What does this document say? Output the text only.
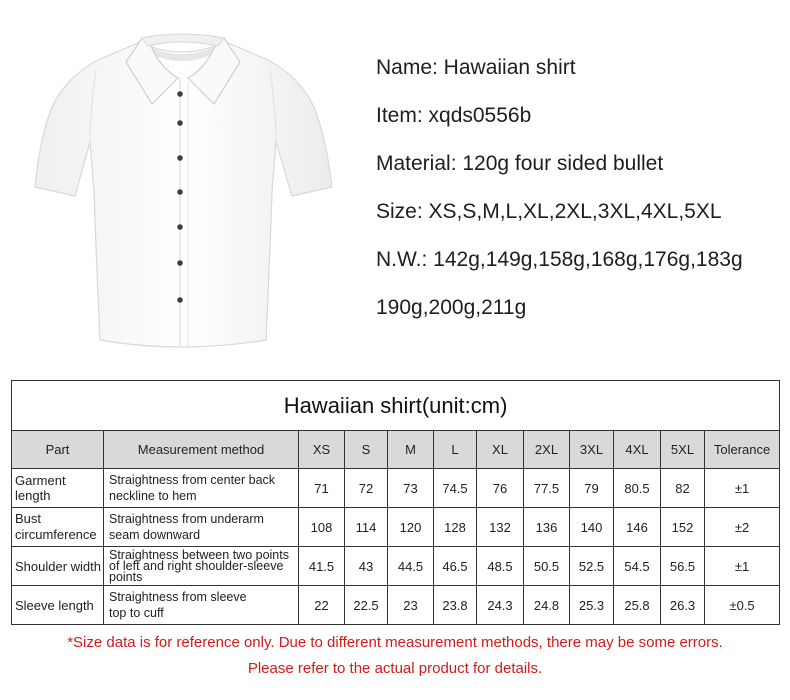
Name: Hawaiian shirt
Item: xqds0556b
Material: 120g four sided bullet
Size: XS,S,M,L,XL,2XL,3XL,4XL,5XL
N.W.: 142g,149g,158g,168g,176g,183g
190g,200g,211g
Hawaiian shirt(unit:cm)											
Part	Measurement method	XS	S	M	L	XL	2XL	3XL	4XL	5XL	Tolerance
Garment length	Straightness from center back
neckline to hem	71	72	73	74.5	76	77.5	79	80.5	82	±1
Bust
circumference	Straightness from underarm
seam downward	108	114	120	128	132	136	140	146	152	±2
Shoulder width	Straightness between two points
of left and right shoulder-sleeve
points	41.5	43	44.5	46.5	48.5	50.5	52.5	54.5	56.5	±1
Sleeve length	Straightness from sleeve
top to cuff	22	22.5	23	23.8	24.3	24.8	25.3	25.8	26.3	±0.5
*Size data is for reference only. Due to different measurement methods, there may be some errors.
Please refer to the actual product for details.
